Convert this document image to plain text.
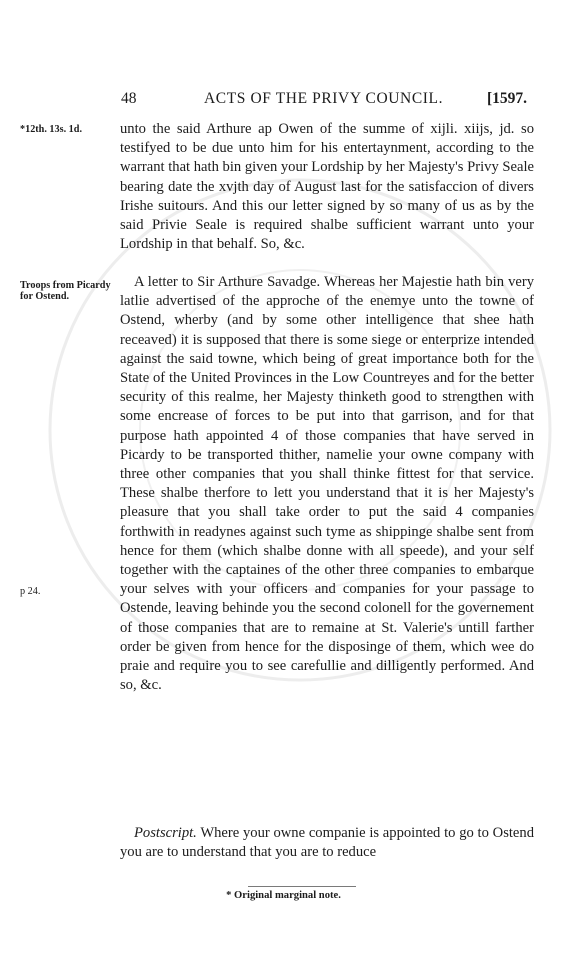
48	ACTS OF THE PRIVY COUNCIL.	[1597.
*12th. 13s. 1d.
Troops from Picardy for Ostend.
p 24.

unto the said Arthure ap Owen of the summe of xijli. xiijs, jd. so testifyed to be due unto him for his entertaynment, according to the warrant that hath bin given your Lordship by her Majesty's Privy Seale bearing date the xvjth day of August last for the satisfaccion of divers Irishe suitours. And this our letter signed by so many of us as by the said Privie Seale is required shalbe sufficient warrant unto your Lordship in that behalf. So, &c.

A letter to Sir Arthure Savadge. Whereas her Majestie hath bin very latlie advertised of the approche of the enemye unto the towne of Ostend, wherby (and by some other intelligence that shee hath receaved) it is supposed that there is some siege or enterprize intended against the said towne, which being of great importance both for the State of the United Provinces in the Low Countreyes and for the better security of this realme, her Majesty thinketh good to strengthen with some encrease of forces to be put into that garrison, and for that purpose hath appointed 4 of those companies that have served in Picardy to be transported thither, namelie your owne company with three other companies that you shall thinke fittest for that service. These shalbe therfore to lett you understand that it is her Majesty's pleasure that you shall take order to put the said 4 companies forthwith in readynes against such tyme as shippinge shalbe sent from hence for them (which shalbe donne with all speede), and your self together with the captaines of the other three companies to embarque your selves with your officers and companies for your passage to Ostende, leaving behinde you the second colonell for the governement of those companies that are to remaine at St. Valerie's untill farther order be given from hence for the disposinge of them, which wee do praie and require you to see carefullie and dilligently performed. And so, &c.

Postscript. Where your owne companie is appointed to go to Ostend you are to understand that you are to reduce

* Original marginal note.
